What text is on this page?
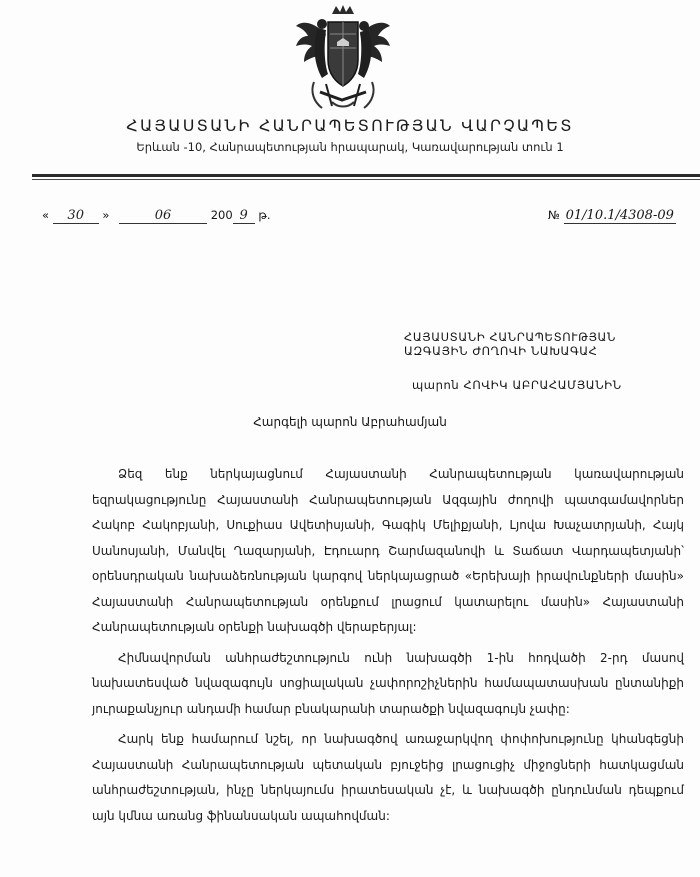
ՀԱՅԱՍՏԱՆԻ ՀԱՆՐԱՊԵՏՈՒԹՅԱՆ ՎԱՐՉԱՊԵՏ
Երևան -10, Հանրապետության հրապարակ, Կառավարության տուն 1
« 30 »	06	200 9 թ.	№ 01/10.1/4308-09
ՀԱՅԱՍՏԱՆԻ ՀԱՆՐԱՊԵՏՈՒԹՅԱՆ
ԱԶԳԱՅԻՆ ԺՈՂՈՎԻ ՆԱԽԱԳԱՀ
պարոն ՀՈՎԻԿ ԱԲՐԱՀԱՄՅԱՆԻՆ
Հարգելի պարոն Աբրահամյան

Ձեզ ենք ներկայացնում Հայաստանի Հանրապետության կառավարության եզրակացությունը Հայաստանի Հանրապետության Ազգային ժողովի պատգամավորներ Հակոբ Հակոբյանի, Սուքիաս Ավետիսյանի, Գագիկ Մելիքյանի, Լյովա Խաչատրյանի, Հայկ Սանոսյանի, Մանվել Ղազարյանի, Էդուարդ Շարմազանովի և Տաճատ Վարդապետյանի՝ օրենսդրական նախաձեռնության կարգով ներկայացրած «Երեխայի իրավունքների մասին» Հայաստանի Հանրապետության օրենքում լրացում կատարելու մասին» Հայաստանի Հանրապետության օրենքի նախագծի վերաբերյալ:

Հիմնավորման անհրաժեշտություն ունի նախագծի 1-ին հոդվածի 2-րդ մասով նախատեսված նվազագույն սոցիալական չափորոշիչներին համապատասխան ընտանիքի յուրաքանչյուր անդամի համար բնակարանի տարածքի նվազագույն չափը:

Հարկ ենք համարում նշել, որ նախագծով առաջարկվող փոփոխությունը կհանգեցնի Հայաստանի Հանրապետության պետական բյուջեից լրացուցիչ միջոցների հատկացման անհրաժեշտության, ինչը ներկայումս իրատեսական չէ, և նախագծի ընդունման դեպքում այն կմնա առանց ֆինանսական ապահովման:
